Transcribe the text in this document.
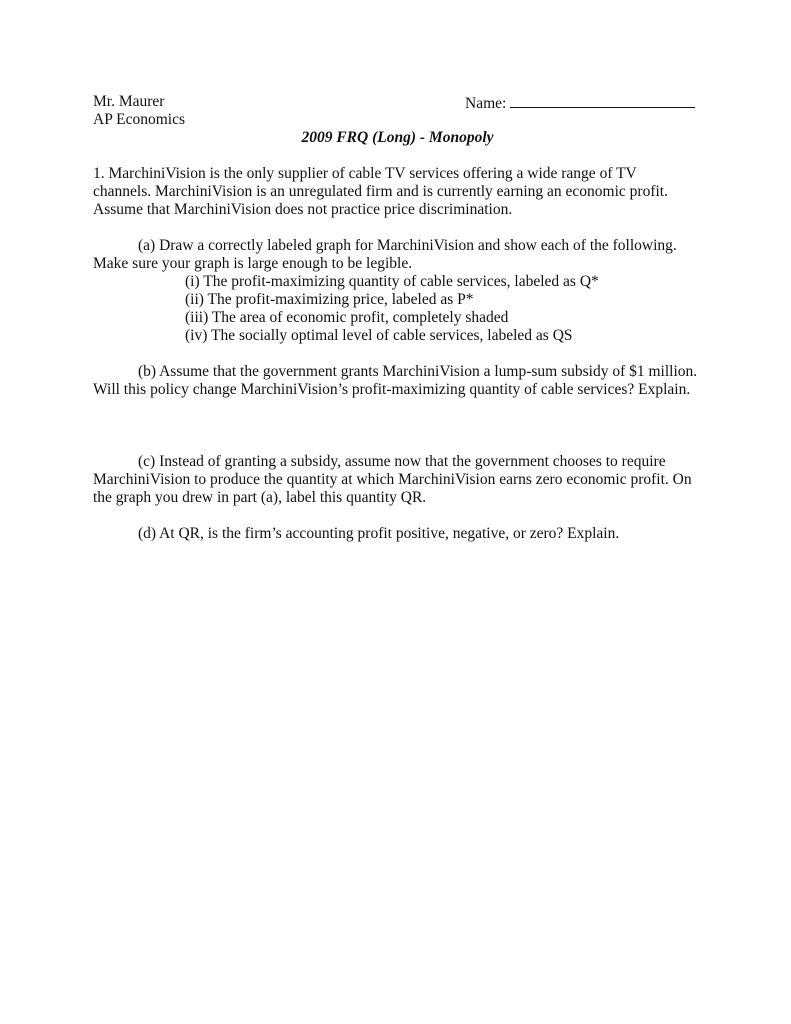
Mr. Maurer	Name:

AP Economics

2009 FRQ (Long) - Monopoly

1. MarchiniVision is the only supplier of cable TV services offering a wide range of TV channels. MarchiniVision is an unregulated firm and is currently earning an economic profit. Assume that MarchiniVision does not practice price discrimination.

(a) Draw a correctly labeled graph for MarchiniVision and show each of the following. Make sure your graph is large enough to be legible.

(i) The profit-maximizing quantity of cable services, labeled as Q*
(ii) The profit-maximizing price, labeled as P*
(iii) The area of economic profit, completely shaded
(iv) The socially optimal level of cable services, labeled as QS

(b) Assume that the government grants MarchiniVision a lump-sum subsidy of $1 million. Will this policy change MarchiniVision’s profit-maximizing quantity of cable services? Explain.

(c) Instead of granting a subsidy, assume now that the government chooses to require MarchiniVision to produce the quantity at which MarchiniVision earns zero economic profit. On the graph you drew in part (a), label this quantity QR.

(d) At QR, is the firm’s accounting profit positive, negative, or zero? Explain.
